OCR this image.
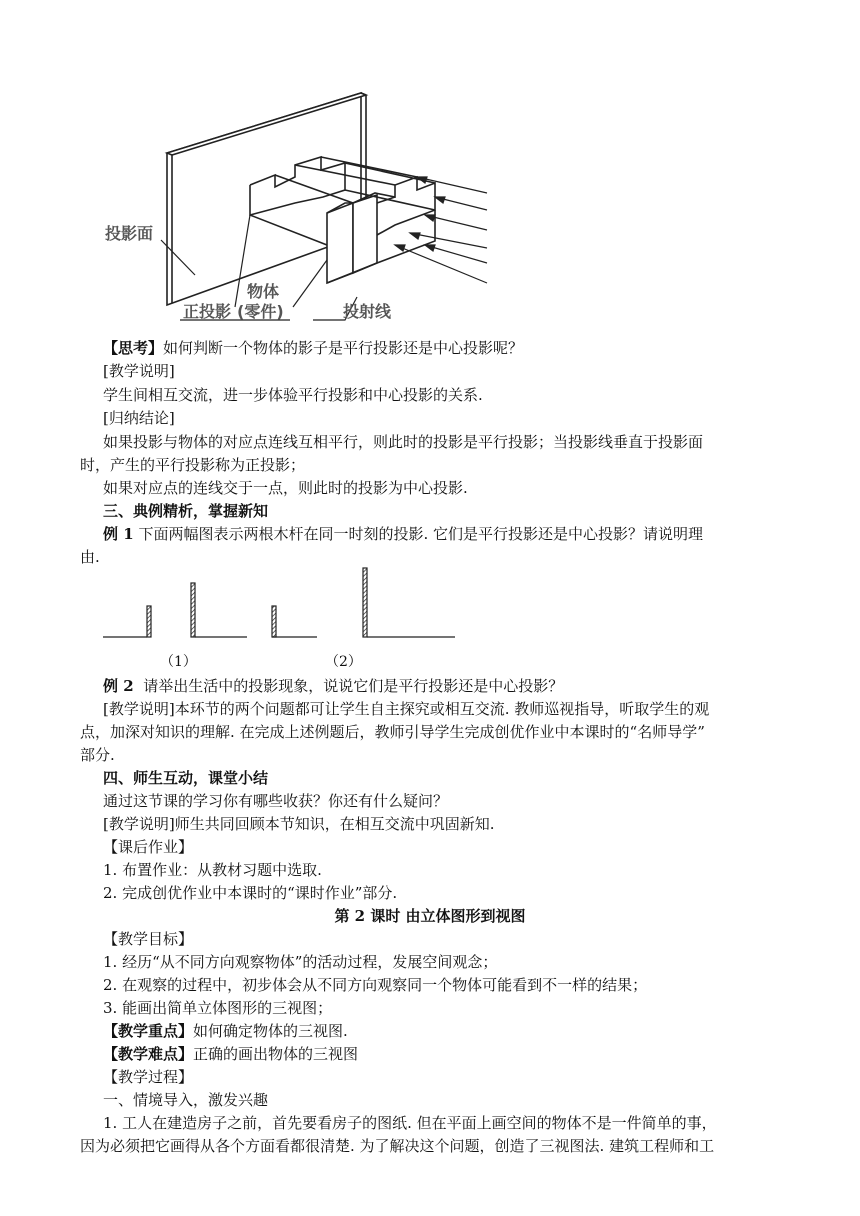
投影面
物体
正投影 (零件)	投射线
【思考】如何判断一个物体的影子是平行投影还是中心投影呢？
[教学说明]
学生间相互交流，进一步体验平行投影和中心投影的关系.
[归纳结论]
如果投影与物体的对应点连线互相平行，则此时的投影是平行投影；当投影线垂直于投影面
时，产生的平行投影称为正投影；
如果对应点的连线交于一点，则此时的投影为中心投影.
三、典例精析，掌握新知
例 1 下面两幅图表示两根木杆在同一时刻的投影. 它们是平行投影还是中心投影？请说明理
由.
（1）	（2）
例 2 请举出生活中的投影现象，说说它们是平行投影还是中心投影？
[教学说明]本环节的两个问题都可让学生自主探究或相互交流. 教师巡视指导，听取学生的观
点，加深对知识的理解. 在完成上述例题后，教师引导学生完成创优作业中本课时的“名师导学”
部分.
四、师生互动，课堂小结
通过这节课的学习你有哪些收获？你还有什么疑问？
[教学说明]师生共同回顾本节知识，在相互交流中巩固新知.
【课后作业】
1. 布置作业：从教材习题中选取.
2. 完成创优作业中本课时的“课时作业”部分.
第 2 课时 由立体图形到视图
【教学目标】
1. 经历“从不同方向观察物体”的活动过程，发展空间观念；
2. 在观察的过程中，初步体会从不同方向观察同一个物体可能看到不一样的结果；
3. 能画出简单立体图形的三视图；
【教学重点】如何确定物体的三视图.
【教学难点】正确的画出物体的三视图
【教学过程】
一、情境导入，激发兴趣
1. 工人在建造房子之前，首先要看房子的图纸. 但在平面上画空间的物体不是一件简单的事，
因为必须把它画得从各个方面看都很清楚. 为了解决这个问题，创造了三视图法. 建筑工程师和工
